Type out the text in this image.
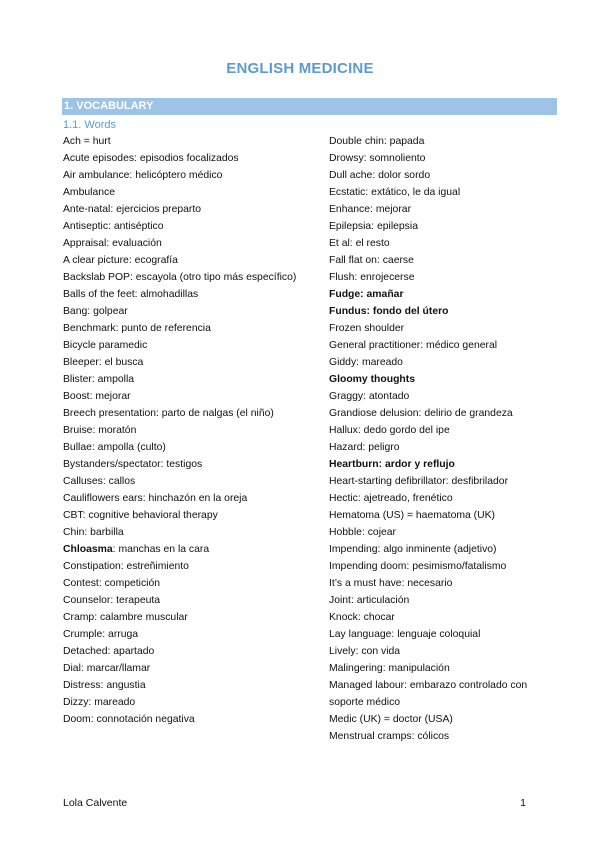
ENGLISH MEDICINE
1. VOCABULARY
1.1. Words
Ach = hurt
Acute episodes: episodios focalizados
Air ambulance: helicóptero médico
Ambulance
Ante-natal: ejercicios preparto
Antiseptic: antiséptico
Appraisal: evaluación
A clear picture: ecografía
Backslab POP: escayola (otro tipo más específico)
Balls of the feet: almohadillas
Bang: golpear
Benchmark: punto de referencia
Bicycle paramedic
Bleeper: el busca
Blister: ampolla
Boost: mejorar
Breech presentation: parto de nalgas (el niño)
Bruise: moratón
Bullae: ampolla (culto)
Bystanders/spectator: testigos
Calluses: callos
Cauliflowers ears: hinchazón en la oreja
CBT: cognitive behavioral therapy
Chin: barbilla
Chloasma: manchas en la cara
Constipation: estreñimiento
Contest: competición
Counselor: terapeuta
Cramp: calambre muscular
Crumple: arruga
Detached: apartado
Dial: marcar/llamar
Distress: angustia
Dizzy: mareado
Doom: connotación negativa
Double chin: papada
Drowsy: somnoliento
Dull ache: dolor sordo
Ecstatic: extático, le da igual
Enhance: mejorar
Epilepsia: epilepsia
Et al: el resto
Fall flat on: caerse
Flush: enrojecerse
Fudge: amañar
Fundus: fondo del útero
Frozen shoulder
General practitioner: médico general
Giddy: mareado
Gloomy thoughts
Graggy: atontado
Grandiose delusion: delirio de grandeza
Hallux: dedo gordo del ipe
Hazard: peligro
Heartburn: ardor y reflujo
Heart-starting defibrillator: desfibrilador
Hectic: ajetreado, frenético
Hematoma (US) = haematoma (UK)
Hobble: cojear
Impending: algo inminente (adjetivo)
Impending doom: pesimismo/fatalismo
It’s a must have: necesario
Joint: articulación
Knock: chocar
Lay language: lenguaje coloquial
Lively: con vida
Malingering: manipulación
Managed labour: embarazo controlado con soporte médico
Medic (UK) = doctor (USA)
Menstrual cramps: cólicos
Lola Calvente	1
